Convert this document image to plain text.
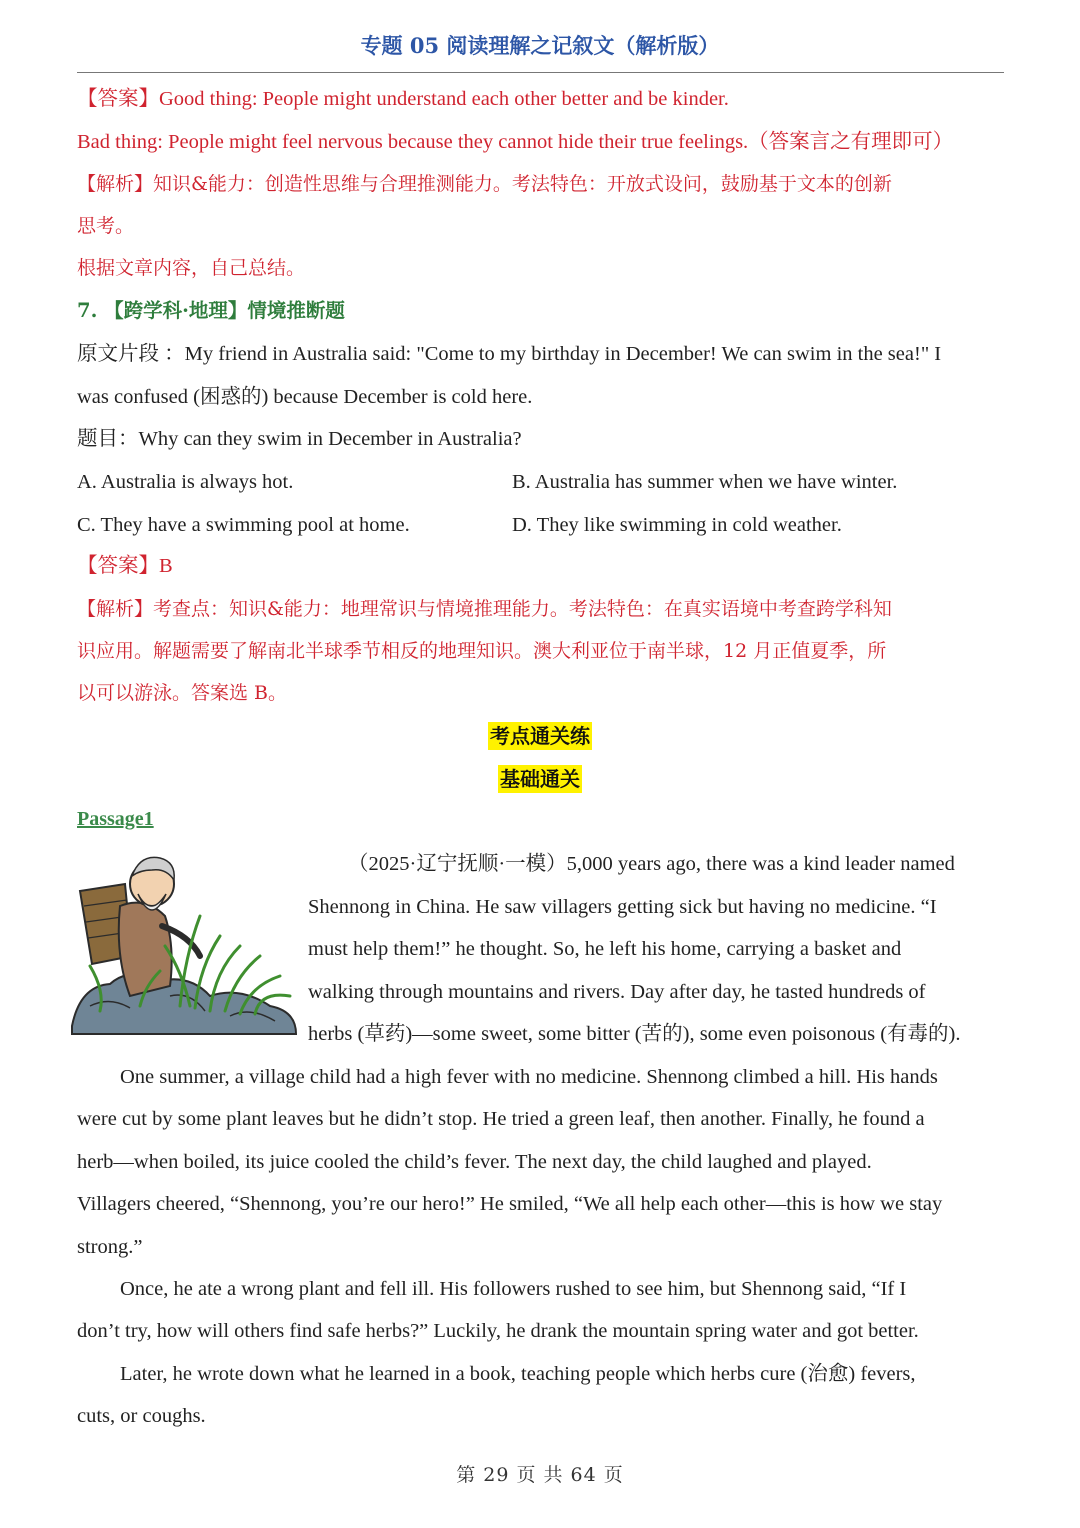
专题 05 阅读理解之记叙文（解析版）
【答案】Good thing: People might understand each other better and be kinder.
Bad thing: People might feel nervous because they cannot hide their true feelings.（答案言之有理即可）
【解析】知识&能力：创造性思维与合理推测能力。考法特色：开放式设问，鼓励基于文本的创新
思考。
根据文章内容，自己总结。
7. 【跨学科·地理】情境推断题
原文片段 ：My friend in Australia said: "Come to my birthday in December! We can swim in the sea!" I
was confused (困惑的) because December is cold here.
题目：Why can they swim in December in Australia?
A. Australia is always hot.	B. Australia has summer when we have winter.
C. They have a swimming pool at home.	D. They like swimming in cold weather.
【答案】B
【解析】考查点：知识&能力：地理常识与情境推理能力。考法特色：在真实语境中考查跨学科知
识应用。解题需要了解南北半球季节相反的地理知识。澳大利亚位于南半球，12 月正值夏季，所
以可以游泳。答案选 B。
考点通关练
基础通关
Passage1
（2025·辽宁抚顺·一模）5,000 years ago, there was a kind leader named
Shennong in China. He saw villagers getting sick but having no medicine. “I
must help them!” he thought. So, he left his home, carrying a basket and
walking through mountains and rivers. Day after day, he tasted hundreds of
herbs (草药)—some sweet, some bitter (苦的), some even poisonous (有毒的).
One summer, a village child had a high fever with no medicine. Shennong climbed a hill. His hands
were cut by some plant leaves but he didn’t stop. He tried a green leaf, then another. Finally, he found a
herb—when boiled, its juice cooled the child’s fever. The next day, the child laughed and played.
Villagers cheered, “Shennong, you’re our hero!” He smiled, “We all help each other—this is how we stay
strong.”
Once, he ate a wrong plant and fell ill. His followers rushed to see him, but Shennong said, “If I
don’t try, how will others find safe herbs?” Luckily, he drank the mountain spring water and got better.
Later, he wrote down what he learned in a book, teaching people which herbs cure (治愈) fevers,
cuts, or coughs.
第 29 页 共 64 页
